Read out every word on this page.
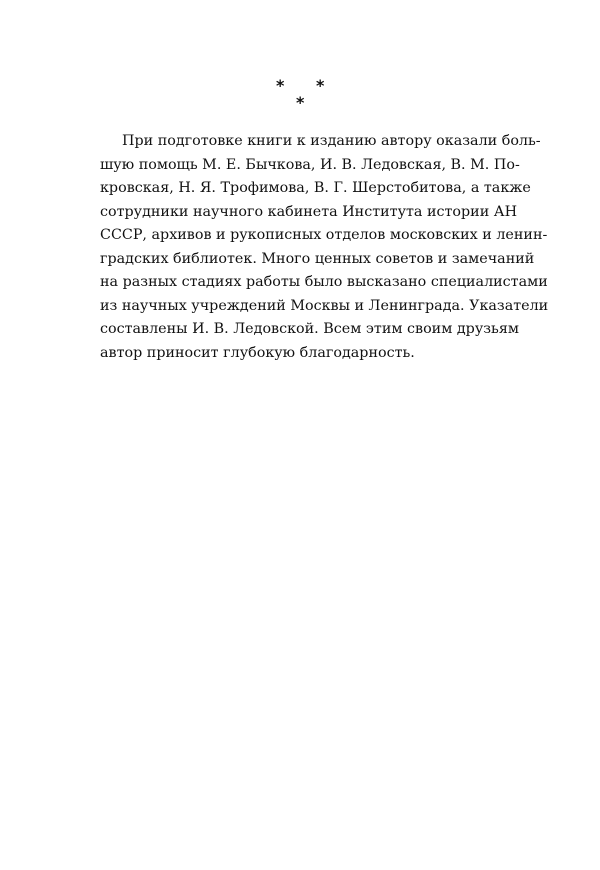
* *
*
При подготовке книги к изданию автору оказали боль-
шую помощь М. Е. Бычкова, И. В. Ледовская, В. М. По-
кровская, Н. Я. Трофимова, В. Г. Шерстобитова, а также
сотрудники научного кабинета Института истории АН
СССР, архивов и рукописных отделов московских и ленин-
градских библиотек. Много ценных советов и замечаний
на разных стадиях работы было высказано специалистами
из научных учреждений Москвы и Ленинграда. Указатели
составлены И. В. Ледовской. Всем этим своим друзьям
автор приносит глубокую благодарность.
